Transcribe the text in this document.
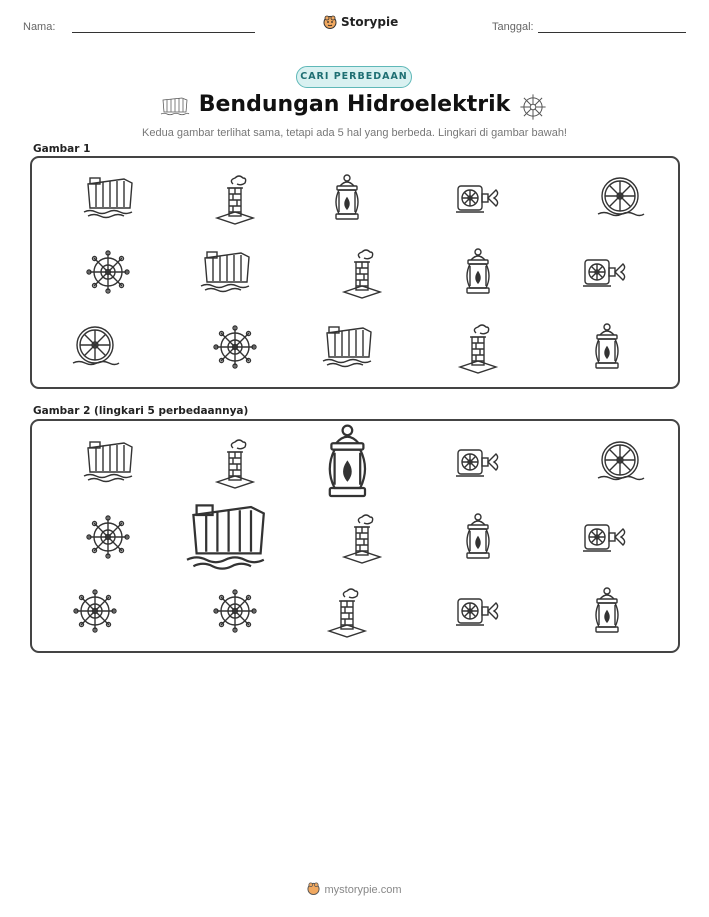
Nama:	Storypie	Tanggal:
CARI PERBEDAAN
Bendungan Hidroelektrik
Kedua gambar terlihat sama, tetapi ada 5 hal yang berbeda. Lingkari di gambar bawah!
Gambar 1
Gambar 2 (lingkari 5 perbedaannya)
mystorypie.com
